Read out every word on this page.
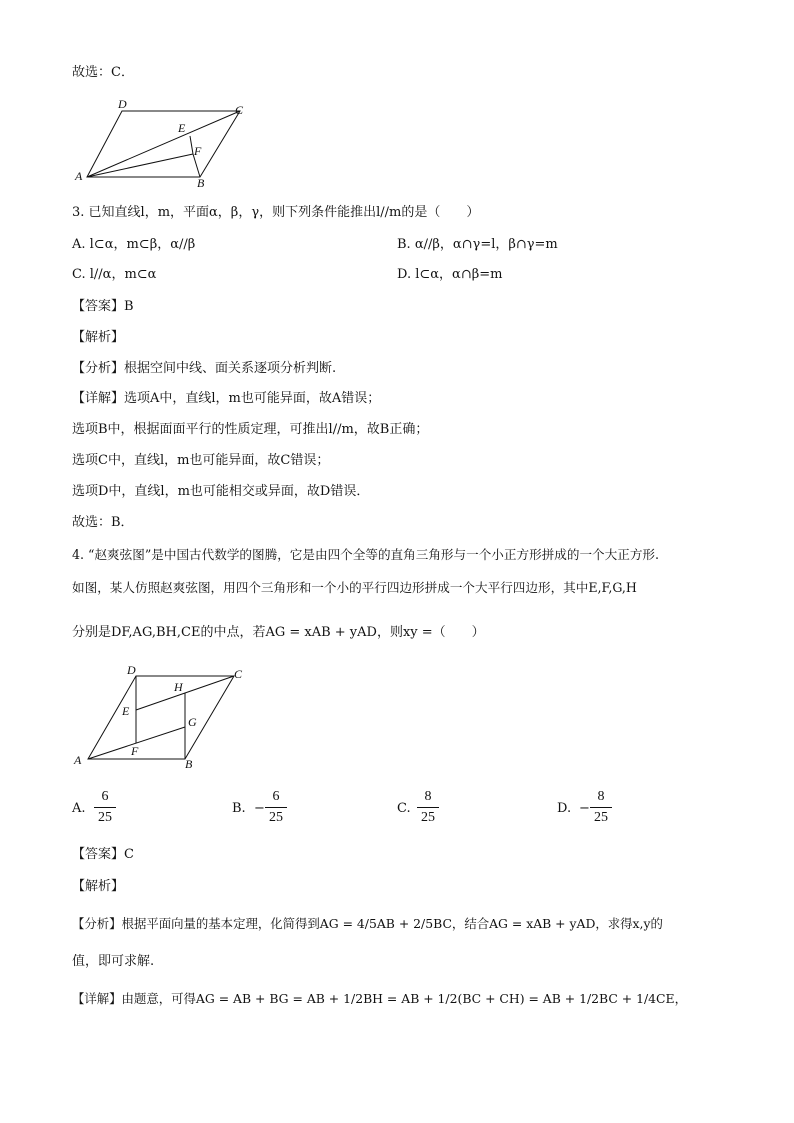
故选：C．
D	C
E
F
A	B
3. 已知直线l，m，平面α，β，γ，则下列条件能推出l//m的是（　　）
A. l⊂α，m⊂β，α//β	B. α//β，α∩γ=l，β∩γ=m
C. l//α，m⊂α	D. l⊂α，α∩β=m
【答案】B
【解析】
【分析】根据空间中线、面关系逐项分析判断.
【详解】选项A中，直线l，m也可能异面，故A错误；
选项B中，根据面面平行的性质定理，可推出l//m，故B正确；
选项C中，直线l，m也可能异面，故C错误；
选项D中，直线l，m也可能相交或异面，故D错误．
故选：B．
4. “赵爽弦图”是中国古代数学的图腾，它是由四个全等的直角三角形与一个小正方形拼成的一个大正方形.
如图，某人仿照赵爽弦图，用四个三角形和一个小的平行四边形拼成一个大平行四边形，其中E,F,G,H
分别是DF,AG,BH,CE的中点，若AG = xAB + yAD，则xy =（　　）
D	C
H
E
G
F
A	B
A.
6
25
B. −
6
25
C.
8
25
D. −
8
25
【答案】C
【解析】
【分析】根据平面向量的基本定理，化简得到AG = 4/5AB + 2/5BC，结合AG = xAB + yAD，求得x,y的
值，即可求解.
【详解】由题意，可得AG = AB + BG = AB + 1/2BH = AB + 1/2(BC + CH) = AB + 1/2BC + 1/4CE，
